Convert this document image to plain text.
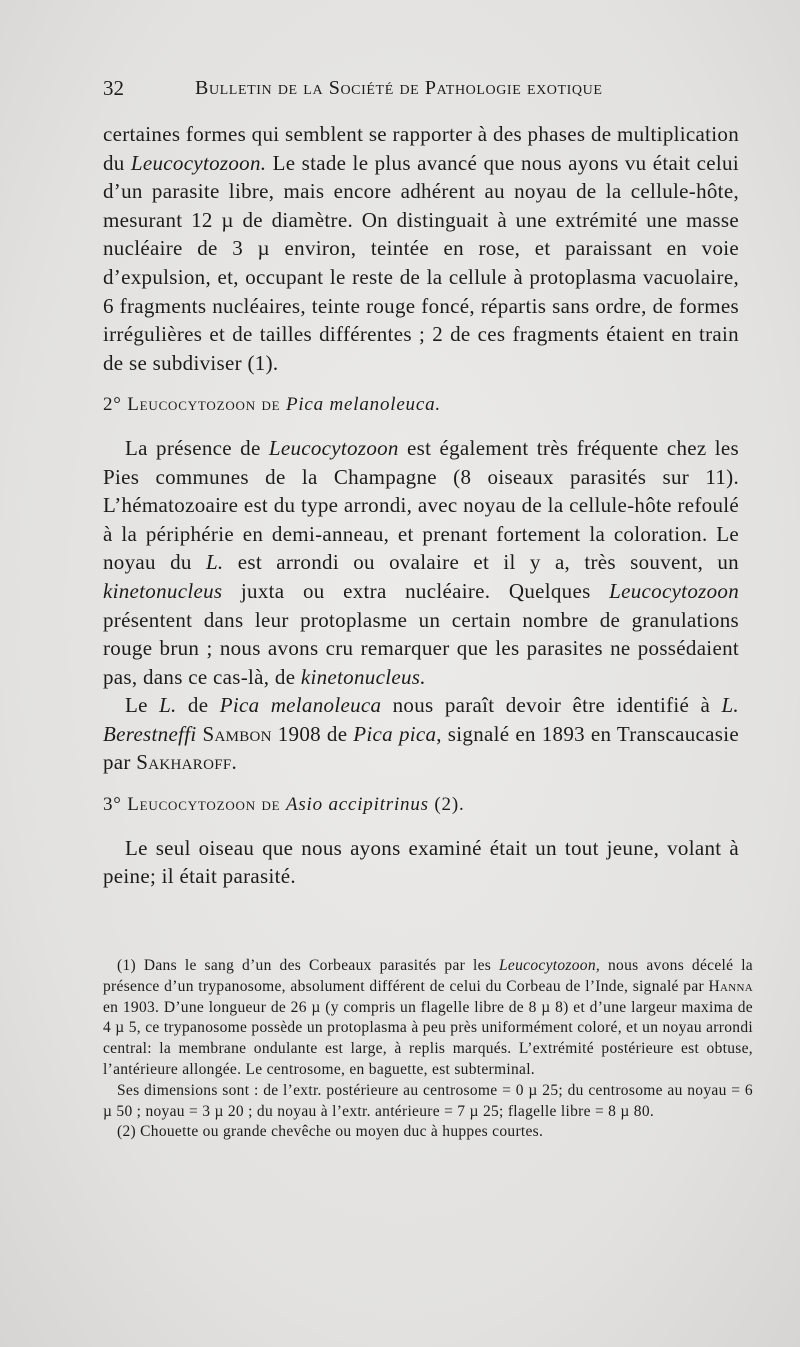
32	Bulletin de la Société de Pathologie exotique

certaines formes qui semblent se rapporter à des phases de multiplication du Leucocytozoon. Le stade le plus avancé que nous ayons vu était celui d’un parasite libre, mais encore adhérent au noyau de la cellule-hôte, mesurant 12 µ de diamètre. On distinguait à une extrémité une masse nucléaire de 3 µ environ, teintée en rose, et paraissant en voie d’expulsion, et, occupant le reste de la cellule à protoplasma vacuolaire, 6 fragments nucléaires, teinte rouge foncé, répartis sans ordre, de formes irrégulières et de tailles différentes ; 2 de ces fragments étaient en train de se subdiviser (1).

2° Leucocytozoon de Pica melanoleuca.

La présence de Leucocytozoon est également très fréquente chez les Pies communes de la Champagne (8 oiseaux parasités sur 11). L’hématozoaire est du type arrondi, avec noyau de la cellule-hôte refoulé à la périphérie en demi-anneau, et prenant fortement la coloration. Le noyau du L. est arrondi ou ovalaire et il y a, très souvent, un kinetonucleus juxta ou extra nucléaire. Quelques Leucocytozoon présentent dans leur protoplasme un certain nombre de granulations rouge brun ; nous avons cru remarquer que les parasites ne possédaient pas, dans ce cas-là, de kinetonucleus.

Le L. de Pica melanoleuca nous paraît devoir être identifié à L. Berestneffi Sambon 1908 de Pica pica, signalé en 1893 en Transcaucasie par Sakharoff.

3° Leucocytozoon de Asio accipitrinus (2).

Le seul oiseau que nous ayons examiné était un tout jeune, volant à peine; il était parasité.

(1) Dans le sang d’un des Corbeaux parasités par les Leucocytozoon, nous avons décelé la présence d’un trypanosome, absolument différent de celui du Corbeau de l’Inde, signalé par Hanna en 1903. D’une longueur de 26 µ (y compris un flagelle libre de 8 µ 8) et d’une largeur maxima de 4 µ 5, ce trypanosome possède un protoplasma à peu près uniformément coloré, et un noyau arrondi central: la membrane ondulante est large, à replis marqués. L’extrémité postérieure est obtuse, l’antérieure allongée. Le centrosome, en baguette, est subterminal.

Ses dimensions sont : de l’extr. postérieure au centrosome = 0 µ 25; du centrosome au noyau = 6 µ 50 ; noyau = 3 µ 20 ; du noyau à l’extr. antérieure = 7 µ 25; flagelle libre = 8 µ 80.

(2) Chouette ou grande chevêche ou moyen duc à huppes courtes.
